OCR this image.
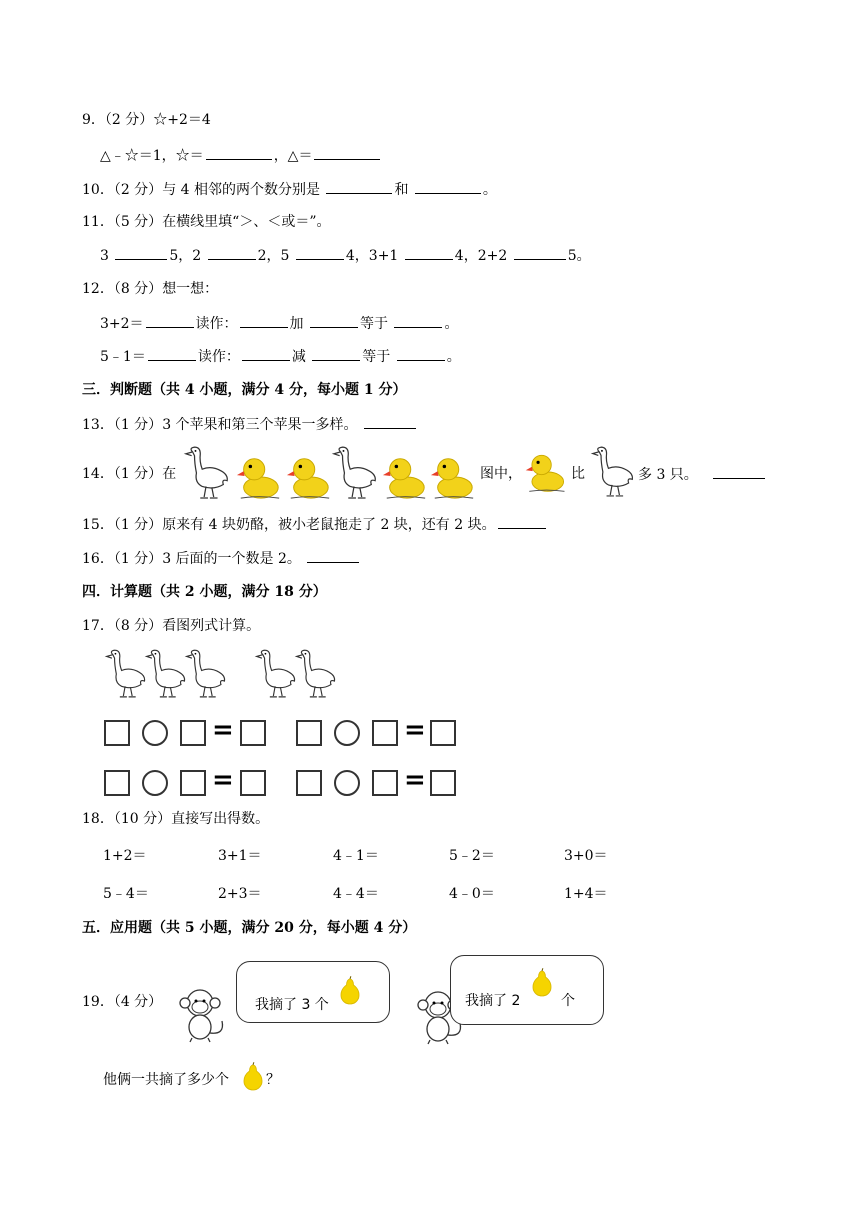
9．（2 分）☆+2＝4
△﹣☆＝1，☆＝	，△＝
10．（2 分）与 4 相邻的两个数分别是	和	。
11．（5 分）在横线里填“＞、＜或＝”。
3	5，2	2，5	4，3+1	4，2+2	5。
12．（8 分）想一想：
3+2＝	读作：	加	等于	。
5﹣1＝	读作：	减	等于	。
三．判断题（共 4 小题，满分 4 分，每小题 1 分）
13．（1 分）3 个苹果和第三个苹果一多样。
14．（1 分）在	图中，	比	多 3 只。
15．（1 分）原来有 4 块奶酪，被小老鼠拖走了 2 块，还有 2 块。
16．（1 分）3 后面的一个数是 2。
四．计算题（共 2 小题，满分 18 分）
17．（8 分）看图列式计算。
=	=
=	=
18．（10 分）直接写出得数。
1+2＝	3+1＝	4﹣1＝	5﹣2＝	3+0＝
5﹣4＝	2+3＝	4﹣4＝	4﹣0＝	1+4＝
五．应用题（共 5 小题，满分 20 分，每小题 4 分）
19．（4 分）	我摘了 3 个	我摘了 2	个
他俩一共摘了多少个	？
